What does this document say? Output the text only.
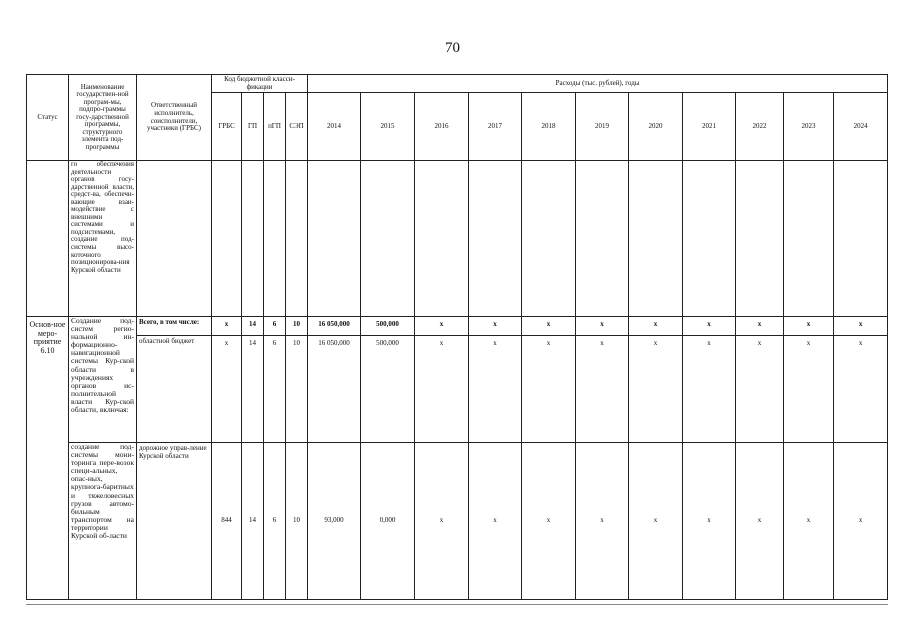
70
Статус	Наименование государствен-ной програм-мы, подпро-граммы госу-дарственной программы, структурного элемента под-программы	Ответственный исполнитель, соисполнители, участники (ГРБС)	Код бюджетной класси-фикации				Расходы (тыс. рублей), годы										
			ГРБС	ГП	пГП	СЭП	2014	2015	2016	2017	2018	2019	2020	2021	2022	2023	2024
	го обеспечения деятельности органов госу-дарственной власти, средст-ва, обеспечи-вающие взаи-модействие с внешними системами и подсистемами, создание под-системы высо-коточного позиционирова-ния Курской области																
Основ-ное меро-приятие 6.10	Создание под-систем регио-нальной ин-формационно-навигационной системы Кур-ской области в учреждениях органов ис-полнительной власти Кур-ской области, включая:	Всего, в том числе:	х	14	6	10	16 050,000	500,000	х	х	х	х	х	х	х	х	х
		областной бюджет	х	14	6	10	16 050,000	500,000	х	х	х	х	х	х	х	х	х
	создание под-системы мони-торинга пере-возок специ-альных, опас-ных, крупнога-баритных и тяжеловесных грузов автомо-бильным транспортом на территории Курской об-ласти	дорожное управ-ление Курской области	844	14	6	10	93,000	0,000	х	х	х	х	х	х	х	х	х
